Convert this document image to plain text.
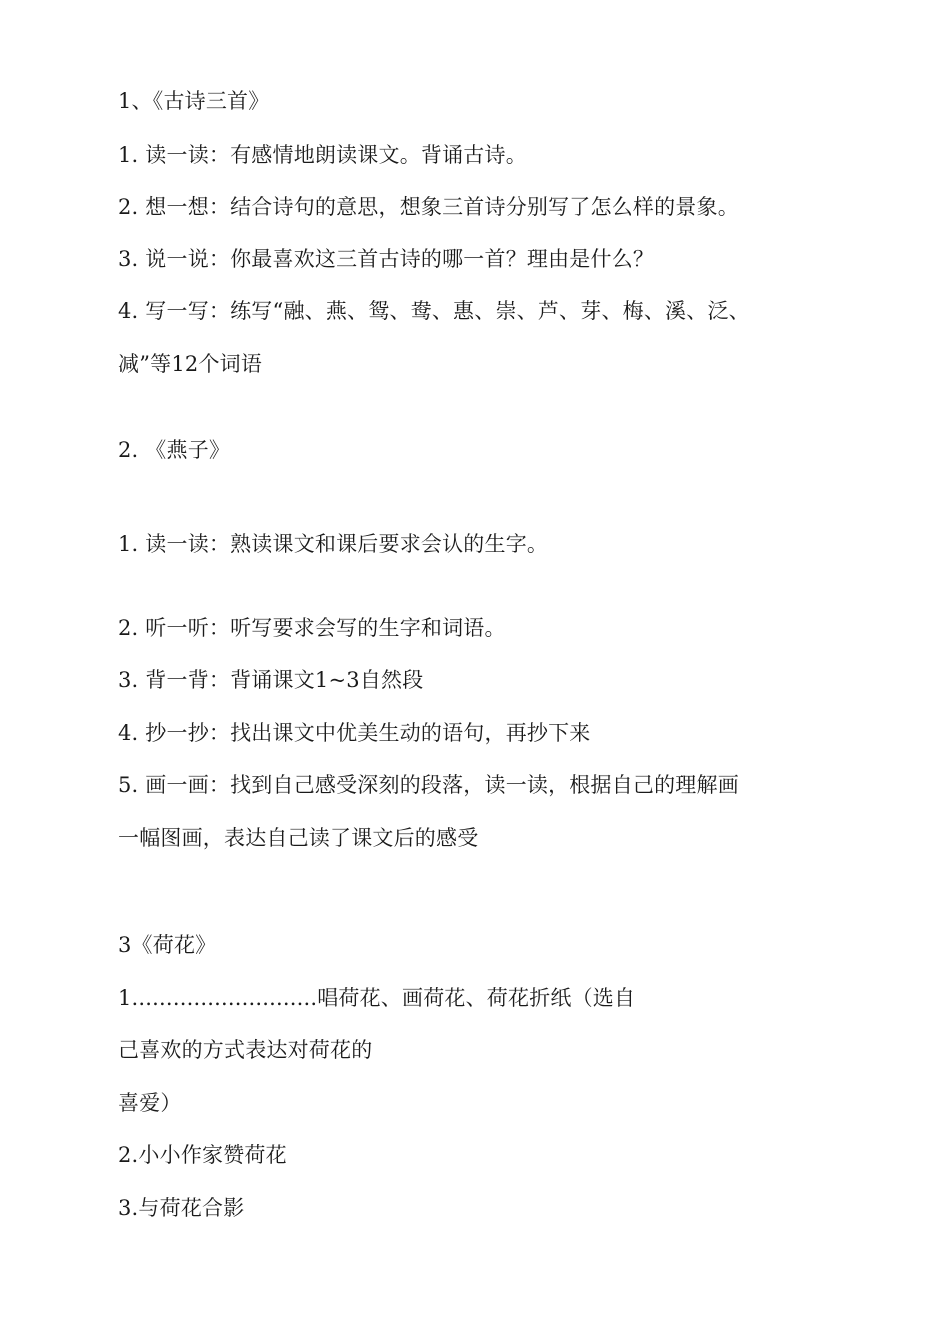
1、《古诗三首》
1. 读一读：有感情地朗读课文。背诵古诗。
2. 想一想：结合诗句的意思，想象三首诗分别写了怎么样的景象。
3. 说一说：你最喜欢这三首古诗的哪一首？理由是什么？
4. 写一写：练写“融、燕、鸳、鸯、惠、崇、芦、芽、梅、溪、泛、
减”等12个词语
2. 《燕子》
1. 读一读：熟读课文和课后要求会认的生字。
2. 听一听：听写要求会写的生字和词语。
3. 背一背：背诵课文1~3自然段
4. 抄一抄：找出课文中优美生动的语句，再抄下来
5. 画一画：找到自己感受深刻的段落，读一读，根据自己的理解画
一幅图画，表达自己读了课文后的感受
3《荷花》
1...........................唱荷花、画荷花、荷花折纸（选自
己喜欢的方式表达对荷花的
喜爱）
2.小小作家赞荷花
3.与荷花合影
